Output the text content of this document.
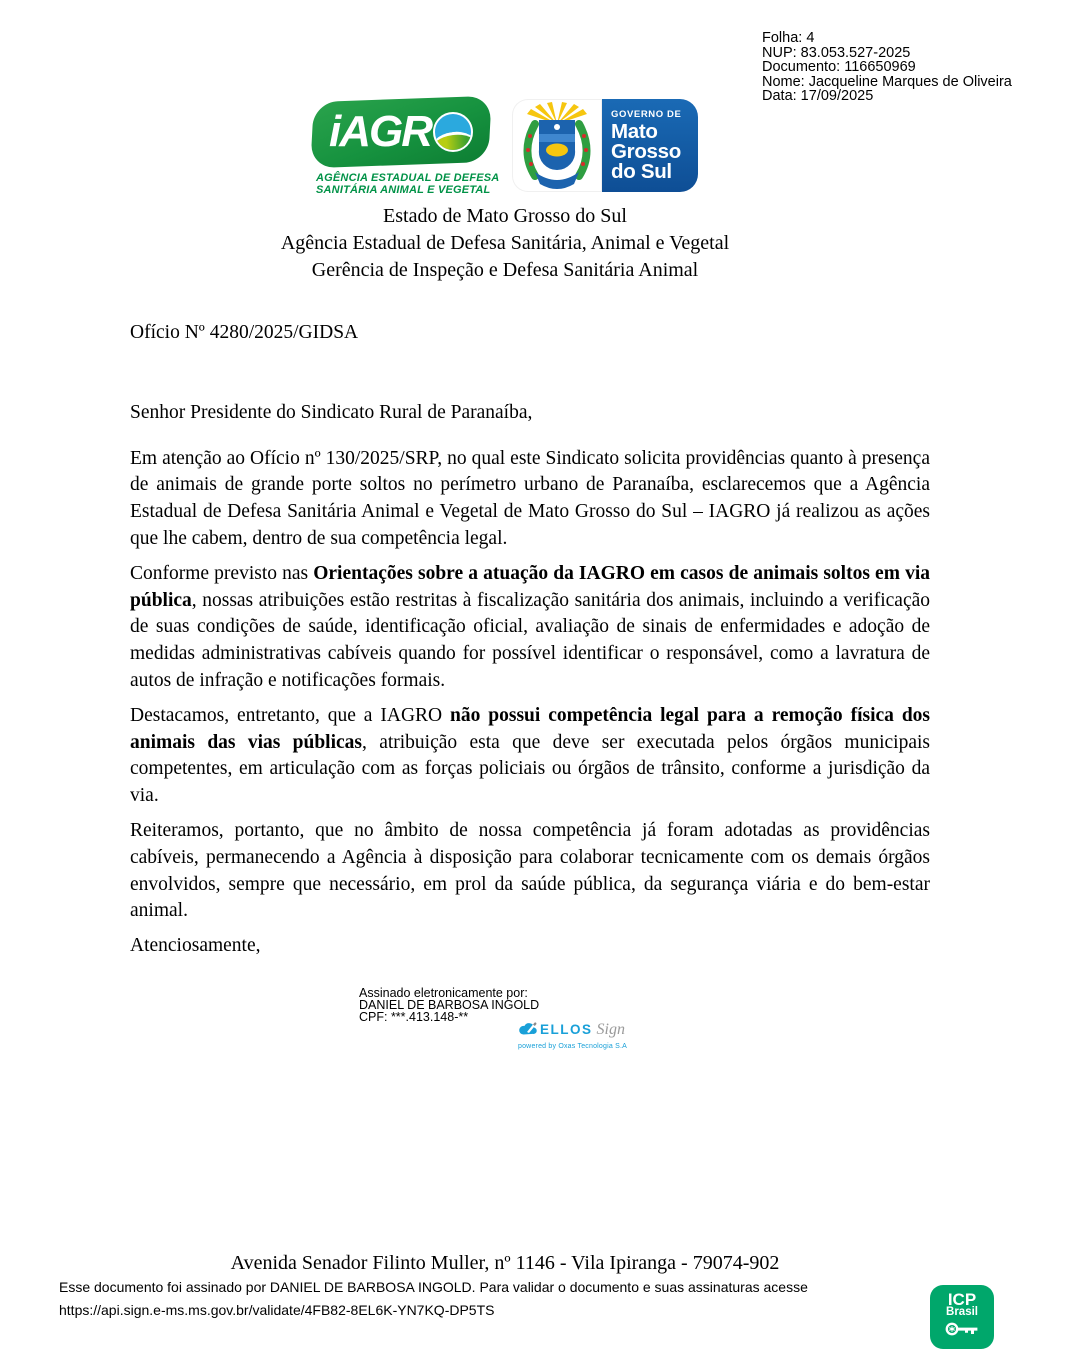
Folha: 4
NUP: 83.053.527-2025
Documento: 116650969
Nome: Jacqueline Marques de Oliveira
Data: 17/09/2025
i AGR
AGÊNCIA ESTADUAL DE DEFESA
SANITÁRIA ANIMAL E VEGETAL
GOVERNO DE
Mato
Grosso
do Sul
Estado de Mato Grosso do Sul
Agência Estadual de Defesa Sanitária, Animal e Vegetal
Gerência de Inspeção e Defesa Sanitária Animal

Ofício Nº 4280/2025/GIDSA

Senhor Presidente do Sindicato Rural de Paranaíba,

Em atenção ao Ofício nº 130/2025/SRP, no qual este Sindicato solicita providências quanto à presença de animais de grande porte soltos no perímetro urbano de Paranaíba, esclarecemos que a Agência Estadual de Defesa Sanitária Animal e Vegetal de Mato Grosso do Sul – IAGRO já realizou as ações que lhe cabem, dentro de sua competência legal.

Conforme previsto nas Orientações sobre a atuação da IAGRO em casos de animais soltos em via pública, nossas atribuições estão restritas à fiscalização sanitária dos animais, incluindo a verificação de suas condições de saúde, identificação oficial, avaliação de sinais de enfermidades e adoção de medidas administrativas cabíveis quando for possível identificar o responsável, como a lavratura de autos de infração e notificações formais.

Destacamos, entretanto, que a IAGRO não possui competência legal para a remoção física dos animais das vias públicas, atribuição esta que deve ser executada pelos órgãos municipais competentes, em articulação com as forças policiais ou órgãos de trânsito, conforme a jurisdição da via.

Reiteramos, portanto, que no âmbito de nossa competência já foram adotadas as providências cabíveis, permanecendo a Agência à disposição para colaborar tecnicamente com os demais órgãos envolvidos, sempre que necessário, em prol da saúde pública, da segurança viária e do bem-estar animal.

Atenciosamente,

Assinado eletronicamente por:
DANIEL DE BARBOSA INGOLD
CPF: ***.413.148-**
ELLOS Sign
powered by Oxas Tecnologia S.A
Avenida Senador Filinto Muller, nº 1146 - Vila Ipiranga - 79074-902
Esse documento foi assinado por DANIEL DE BARBOSA INGOLD. Para validar o documento e suas assinaturas acesse
https://api.sign.e-ms.ms.gov.br/validate/4FB82-8EL6K-YN7KQ-DP5TS
ICP
Brasil
